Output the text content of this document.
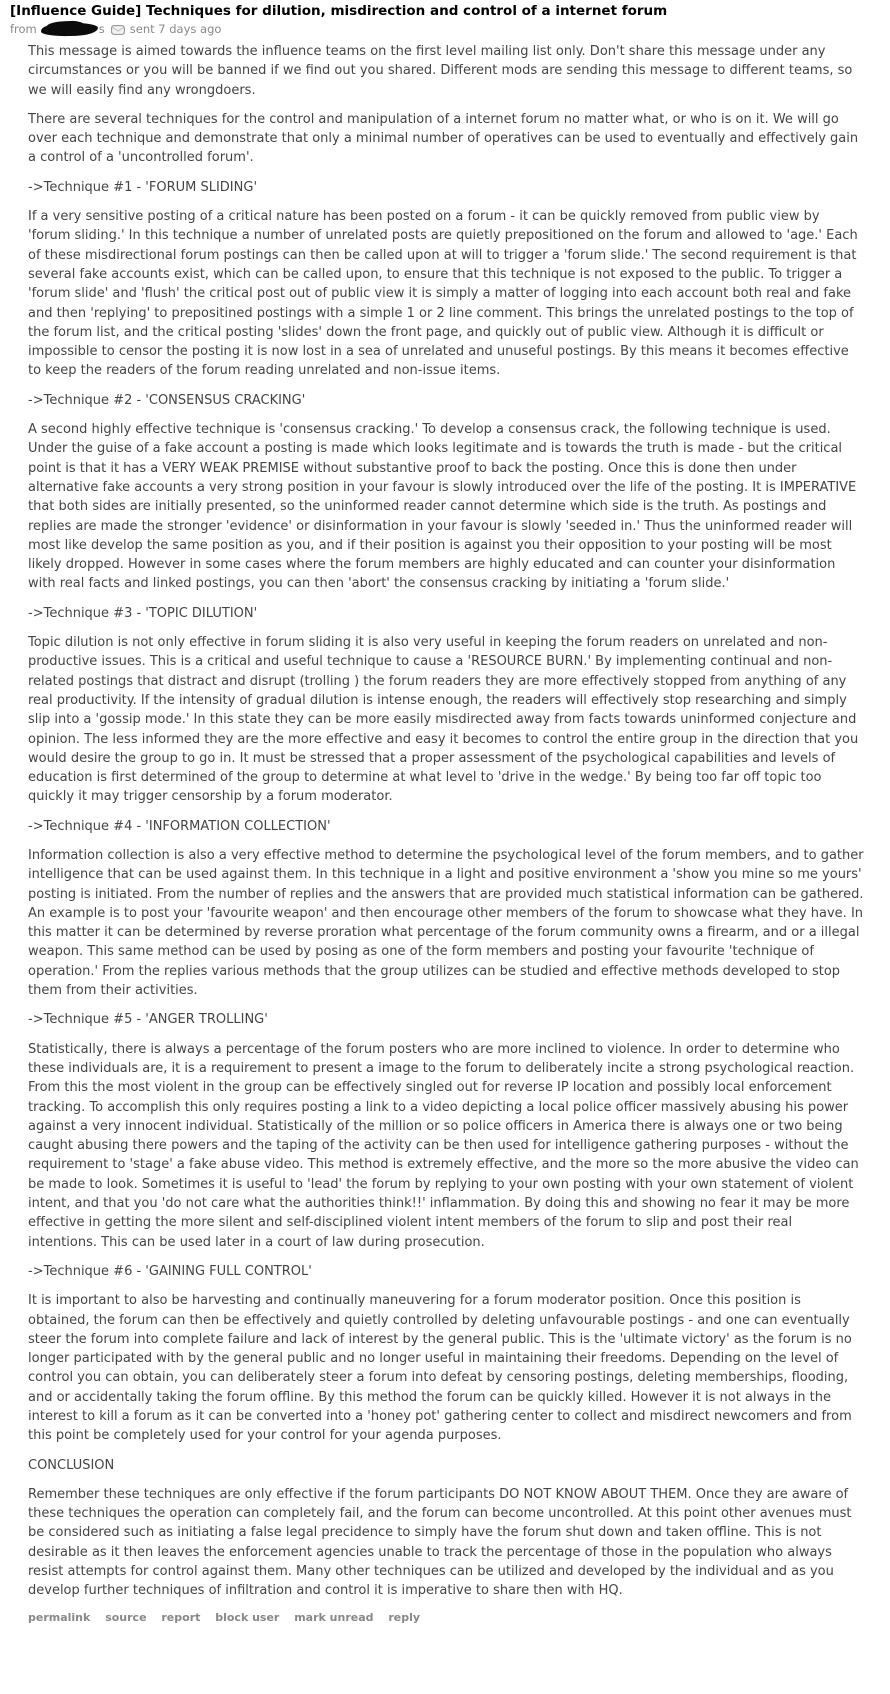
[Influence Guide] Techniques for dilution, misdirection and control of a internet forum
from	s sent 7 days ago

This message is aimed towards the influence teams on the first level mailing list only. Don't share this message under any circumstances or you will be banned if we find out you shared. Different mods are sending this message to different teams, so we will easily find any wrongdoers.

There are several techniques for the control and manipulation of a internet forum no matter what, or who is on it. We will go over each technique and demonstrate that only a minimal number of operatives can be used to eventually and effectively gain a control of a 'uncontrolled forum'.

->Technique #1 - 'FORUM SLIDING'

If a very sensitive posting of a critical nature has been posted on a forum - it can be quickly removed from public view by 'forum sliding.' In this technique a number of unrelated posts are quietly prepositioned on the forum and allowed to 'age.' Each of these misdirectional forum postings can then be called upon at will to trigger a 'forum slide.' The second requirement is that several fake accounts exist, which can be called upon, to ensure that this technique is not exposed to the public. To trigger a 'forum slide' and 'flush' the critical post out of public view it is simply a matter of logging into each account both real and fake and then 'replying' to prepositined postings with a simple 1 or 2 line comment. This brings the unrelated postings to the top of the forum list, and the critical posting 'slides' down the front page, and quickly out of public view. Although it is difficult or impossible to censor the posting it is now lost in a sea of unrelated and unuseful postings. By this means it becomes effective to keep the readers of the forum reading unrelated and non-issue items.

->Technique #2 - 'CONSENSUS CRACKING'

A second highly effective technique is 'consensus cracking.' To develop a consensus crack, the following technique is used. Under the guise of a fake account a posting is made which looks legitimate and is towards the truth is made - but the critical point is that it has a VERY WEAK PREMISE without substantive proof to back the posting. Once this is done then under alternative fake accounts a very strong position in your favour is slowly introduced over the life of the posting. It is IMPERATIVE that both sides are initially presented, so the uninformed reader cannot determine which side is the truth. As postings and replies are made the stronger 'evidence' or disinformation in your favour is slowly 'seeded in.' Thus the uninformed reader will most like develop the same position as you, and if their position is against you their opposition to your posting will be most likely dropped. However in some cases where the forum members are highly educated and can counter your disinformation with real facts and linked postings, you can then 'abort' the consensus cracking by initiating a 'forum slide.'

->Technique #3 - 'TOPIC DILUTION'

Topic dilution is not only effective in forum sliding it is also very useful in keeping the forum readers on unrelated and non-productive issues. This is a critical and useful technique to cause a 'RESOURCE BURN.' By implementing continual and non-related postings that distract and disrupt (trolling ) the forum readers they are more effectively stopped from anything of any real productivity. If the intensity of gradual dilution is intense enough, the readers will effectively stop researching and simply slip into a 'gossip mode.' In this state they can be more easily misdirected away from facts towards uninformed conjecture and opinion. The less informed they are the more effective and easy it becomes to control the entire group in the direction that you would desire the group to go in. It must be stressed that a proper assessment of the psychological capabilities and levels of education is first determined of the group to determine at what level to 'drive in the wedge.' By being too far off topic too quickly it may trigger censorship by a forum moderator.

->Technique #4 - 'INFORMATION COLLECTION'

Information collection is also a very effective method to determine the psychological level of the forum members, and to gather intelligence that can be used against them. In this technique in a light and positive environment a 'show you mine so me yours' posting is initiated. From the number of replies and the answers that are provided much statistical information can be gathered. An example is to post your 'favourite weapon' and then encourage other members of the forum to showcase what they have. In this matter it can be determined by reverse proration what percentage of the forum community owns a firearm, and or a illegal weapon. This same method can be used by posing as one of the form members and posting your favourite 'technique of operation.' From the replies various methods that the group utilizes can be studied and effective methods developed to stop them from their activities.

->Technique #5 - 'ANGER TROLLING'

Statistically, there is always a percentage of the forum posters who are more inclined to violence. In order to determine who these individuals are, it is a requirement to present a image to the forum to deliberately incite a strong psychological reaction. From this the most violent in the group can be effectively singled out for reverse IP location and possibly local enforcement tracking. To accomplish this only requires posting a link to a video depicting a local police officer massively abusing his power against a very innocent individual. Statistically of the million or so police officers in America there is always one or two being caught abusing there powers and the taping of the activity can be then used for intelligence gathering purposes - without the requirement to 'stage' a fake abuse video. This method is extremely effective, and the more so the more abusive the video can be made to look. Sometimes it is useful to 'lead' the forum by replying to your own posting with your own statement of violent intent, and that you 'do not care what the authorities think!!' inflammation. By doing this and showing no fear it may be more effective in getting the more silent and self-disciplined violent intent members of the forum to slip and post their real intentions. This can be used later in a court of law during prosecution.

->Technique #6 - 'GAINING FULL CONTROL'

It is important to also be harvesting and continually maneuvering for a forum moderator position. Once this position is obtained, the forum can then be effectively and quietly controlled by deleting unfavourable postings - and one can eventually steer the forum into complete failure and lack of interest by the general public. This is the 'ultimate victory' as the forum is no longer participated with by the general public and no longer useful in maintaining their freedoms. Depending on the level of control you can obtain, you can deliberately steer a forum into defeat by censoring postings, deleting memberships, flooding, and or accidentally taking the forum offline. By this method the forum can be quickly killed. However it is not always in the interest to kill a forum as it can be converted into a 'honey pot' gathering center to collect and misdirect newcomers and from this point be completely used for your control for your agenda purposes.

CONCLUSION

Remember these techniques are only effective if the forum participants DO NOT KNOW ABOUT THEM. Once they are aware of these techniques the operation can completely fail, and the forum can become uncontrolled. At this point other avenues must be considered such as initiating a false legal precidence to simply have the forum shut down and taken offline. This is not desirable as it then leaves the enforcement agencies unable to track the percentage of those in the population who always resist attempts for control against them. Many other techniques can be utilized and developed by the individual and as you develop further techniques of infiltration and control it is imperative to share then with HQ.

permalink source report block user mark unread reply
